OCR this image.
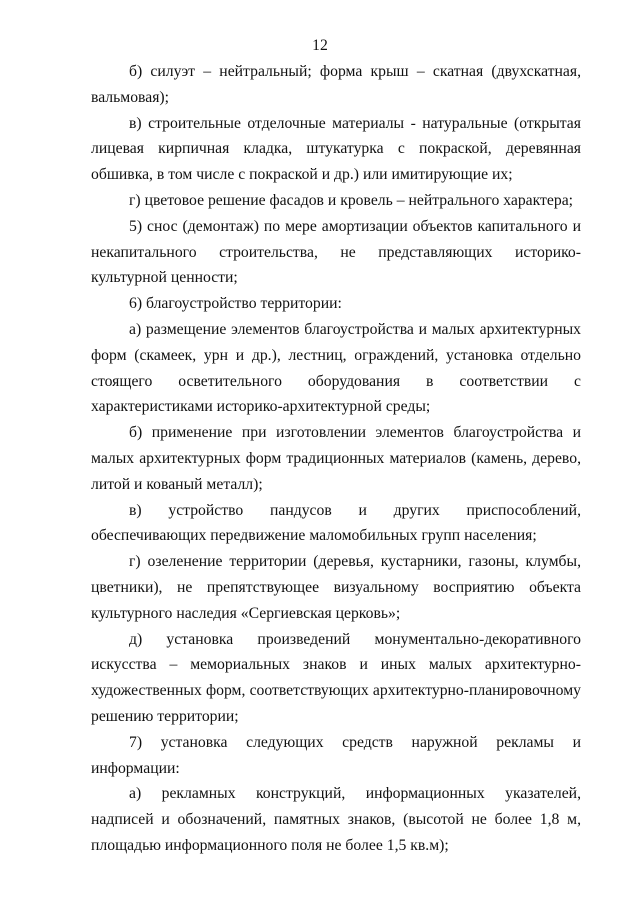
12

б) силуэт – нейтральный; форма крыш – скатная (двухскатная, вальмовая);

в) строительные отделочные материалы - натуральные (открытая лицевая кирпичная кладка, штукатурка с покраской, деревянная обшивка, в том числе с покраской и др.) или имитирующие их;

г) цветовое решение фасадов и кровель – нейтрального характера;

5) снос (демонтаж) по мере амортизации объектов капитального и некапитального строительства, не представляющих историко-культурной ценности;

6) благоустройство территории:

а) размещение элементов благоустройства и малых архитектурных форм (скамеек, урн и др.), лестниц, ограждений, установка отдельно стоящего осветительного оборудования в соответствии с характеристиками историко-архитектурной среды;

б) применение при изготовлении элементов благоустройства и малых архитектурных форм традиционных материалов (камень, дерево, литой и кованый металл);

в) устройство пандусов и других приспособлений, обеспечивающих передвижение маломобильных групп населения;

г) озеленение территории (деревья, кустарники, газоны, клумбы, цветники), не препятствующее визуальному восприятию объекта культурного наследия «Сергиевская церковь»;

д) установка произведений монументально-декоративного искусства – мемориальных знаков и иных малых архитектурно-художественных форм, соответствующих архитектурно-планировочному решению территории;

7) установка следующих средств наружной рекламы и информации:

а) рекламных конструкций, информационных указателей, надписей и обозначений, памятных знаков, (высотой не более 1,8 м, площадью информационного поля не более 1,5 кв.м);
